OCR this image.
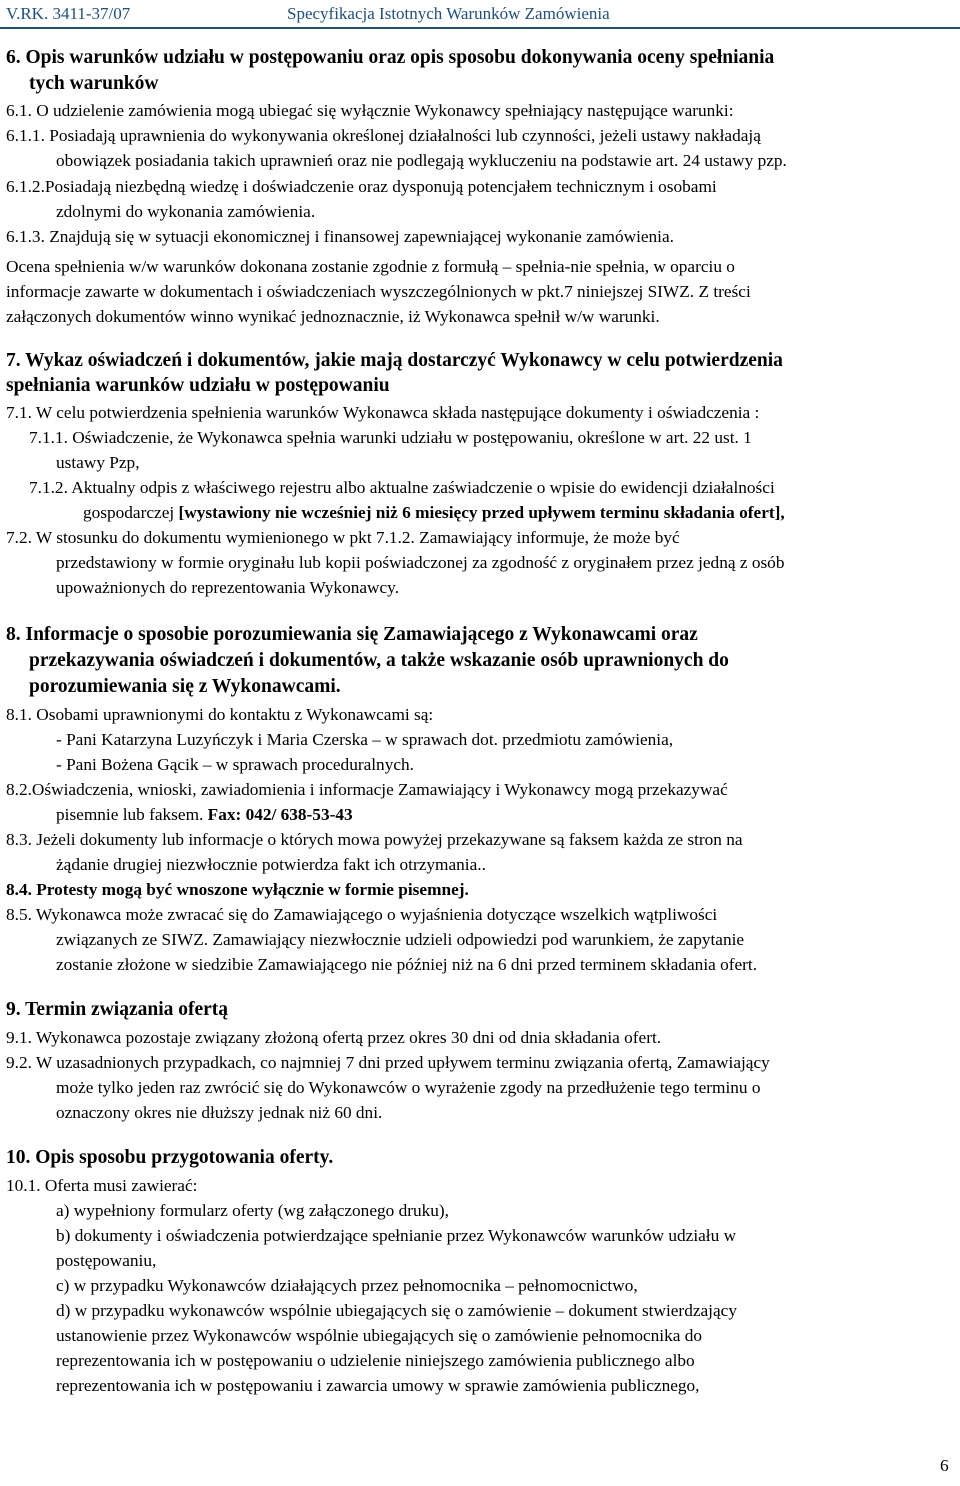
V.RK. 3411-37/07	Specyfikacja Istotnych Warunków Zamówienia
6. Opis warunków udziału w postępowaniu oraz opis sposobu dokonywania oceny spełniania
tych warunków
6.1. O udzielenie zamówienia mogą ubiegać się wyłącznie Wykonawcy spełniający następujące warunki:
6.1.1. Posiadają uprawnienia do wykonywania określonej działalności lub czynności, jeżeli ustawy nakładają
obowiązek posiadania takich uprawnień oraz nie podlegają wykluczeniu na podstawie art. 24 ustawy pzp.
6.1.2.Posiadają niezbędną wiedzę i doświadczenie oraz dysponują potencjałem technicznym i osobami
zdolnymi do wykonania zamówienia.
6.1.3. Znajdują się w sytuacji ekonomicznej i finansowej zapewniającej wykonanie zamówienia.
Ocena spełnienia w/w warunków dokonana zostanie zgodnie z formułą – spełnia-nie spełnia, w oparciu o
informacje zawarte w dokumentach i oświadczeniach wyszczególnionych w pkt.7 niniejszej SIWZ. Z treści
załączonych dokumentów winno wynikać jednoznacznie, iż Wykonawca spełnił w/w warunki.
7. Wykaz oświadczeń i dokumentów, jakie mają dostarczyć Wykonawcy w celu potwierdzenia
spełniania warunków udziału w postępowaniu
7.1. W celu potwierdzenia spełnienia warunków Wykonawca składa następujące dokumenty i oświadczenia :
7.1.1. Oświadczenie, że Wykonawca spełnia warunki udziału w postępowaniu, określone w art. 22 ust. 1
ustawy Pzp,
7.1.2. Aktualny odpis z właściwego rejestru albo aktualne zaświadczenie o wpisie do ewidencji działalności
gospodarczej [wystawiony nie wcześniej niż 6 miesięcy przed upływem terminu składania ofert],
7.2. W stosunku do dokumentu wymienionego w pkt 7.1.2. Zamawiający informuje, że może być
przedstawiony w formie oryginału lub kopii poświadczonej za zgodność z oryginałem przez jedną z osób
upoważnionych do reprezentowania Wykonawcy.
8. Informacje o sposobie porozumiewania się Zamawiającego z Wykonawcami oraz
przekazywania oświadczeń i dokumentów, a także wskazanie osób uprawnionych do
porozumiewania się z Wykonawcami.
8.1. Osobami uprawnionymi do kontaktu z Wykonawcami są:
- Pani Katarzyna Luzyńczyk i Maria Czerska – w sprawach dot. przedmiotu zamówienia,
- Pani Bożena Gącik – w sprawach proceduralnych.
8.2.Oświadczenia, wnioski, zawiadomienia i informacje Zamawiający i Wykonawcy mogą przekazywać
pisemnie lub faksem. Fax: 042/ 638-53-43
8.3. Jeżeli dokumenty lub informacje o których mowa powyżej przekazywane są faksem każda ze stron na
żądanie drugiej niezwłocznie potwierdza fakt ich otrzymania..
8.4. Protesty mogą być wnoszone wyłącznie w formie pisemnej.
8.5. Wykonawca może zwracać się do Zamawiającego o wyjaśnienia dotyczące wszelkich wątpliwości
związanych ze SIWZ. Zamawiający niezwłocznie udzieli odpowiedzi pod warunkiem, że zapytanie
zostanie złożone w siedzibie Zamawiającego nie później niż na 6 dni przed terminem składania ofert.
9. Termin związania ofertą
9.1. Wykonawca pozostaje związany złożoną ofertą przez okres 30 dni od dnia składania ofert.
9.2. W uzasadnionych przypadkach, co najmniej 7 dni przed upływem terminu związania ofertą, Zamawiający
może tylko jeden raz zwrócić się do Wykonawców o wyrażenie zgody na przedłużenie tego terminu o
oznaczony okres nie dłuższy jednak niż 60 dni.
10. Opis sposobu przygotowania oferty.
10.1. Oferta musi zawierać:
a) wypełniony formularz oferty (wg załączonego druku),
b) dokumenty i oświadczenia potwierdzające spełnianie przez Wykonawców warunków udziału w
postępowaniu,
c) w przypadku Wykonawców działających przez pełnomocnika – pełnomocnictwo,
d) w przypadku wykonawców wspólnie ubiegających się o zamówienie – dokument stwierdzający
ustanowienie przez Wykonawców wspólnie ubiegających się o zamówienie pełnomocnika do
reprezentowania ich w postępowaniu o udzielenie niniejszego zamówienia publicznego albo
reprezentowania ich w postępowaniu i zawarcia umowy w sprawie zamówienia publicznego,
6
